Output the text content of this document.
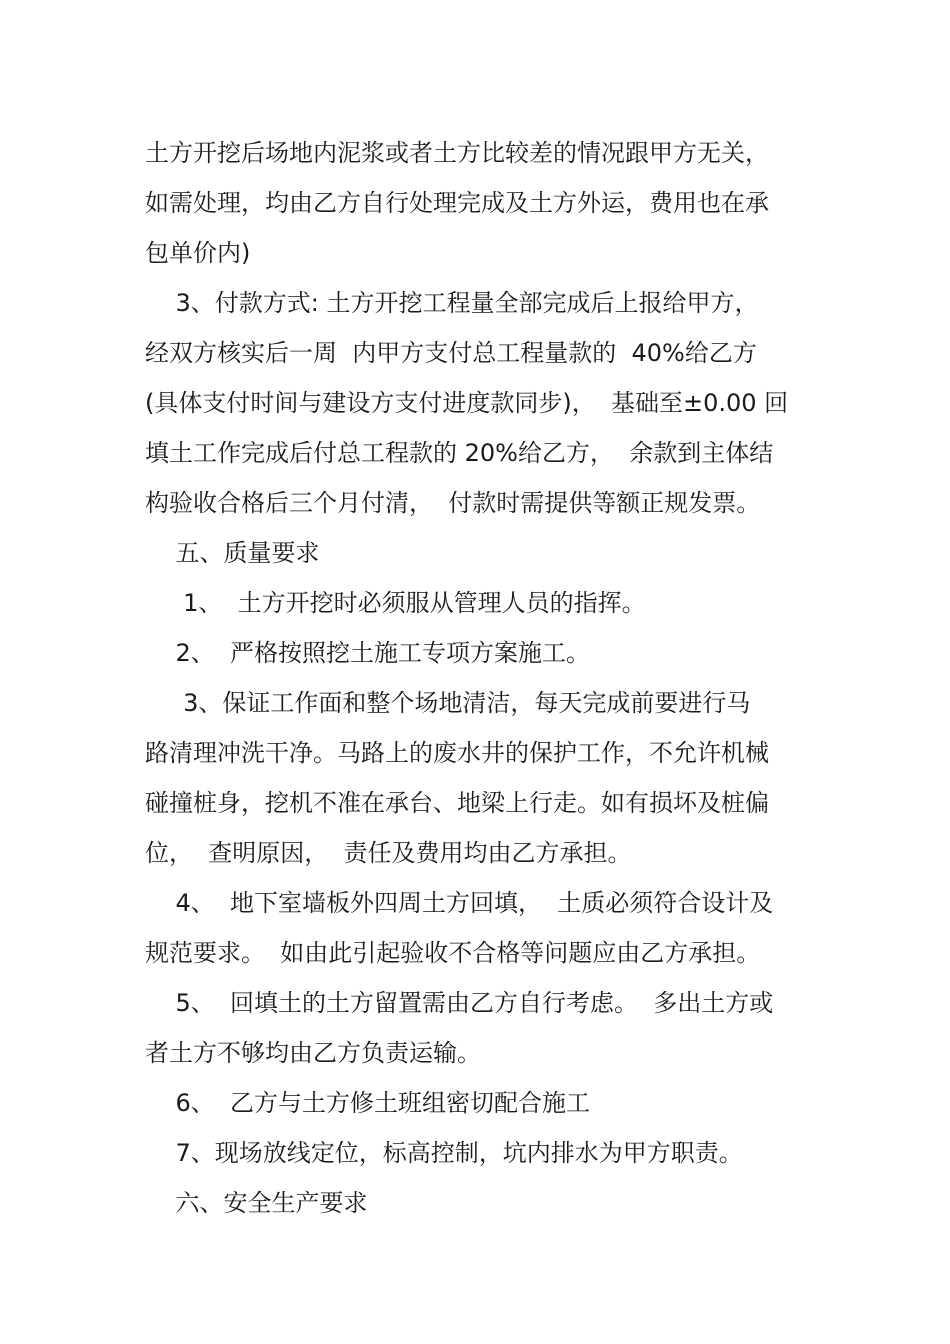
土方开挖后场地内泥浆或者土方比较差的情况跟甲方无关，
如需处理，均由乙方自行处理完成及土方外运，费用也在承
包单价内)
3、付款方式: 土方开挖工程量全部完成后上报给甲方，
经双方核实后一周  内甲方支付总工程量款的  40%给乙方
(具体支付时间与建设方支付进度款同步)，  基础至±0.00 回
填土工作完成后付总工程款的 20%给乙方，  余款到主体结
构验收合格后三个月付清，  付款时需提供等额正规发票。
五、质量要求
1、  土方开挖时必须服从管理人员的指挥。
2、  严格按照挖土施工专项方案施工。
3、保证工作面和整个场地清洁，每天完成前要进行马
路清理冲洗干净。马路上的废水井的保护工作，不允许机械
碰撞桩身，挖机不准在承台、地梁上行走。如有损坏及桩偏
位，  查明原因，  责任及费用均由乙方承担。
4、  地下室墙板外四周土方回填，  土质必须符合设计及
规范要求。  如由此引起验收不合格等问题应由乙方承担。
5、  回填土的土方留置需由乙方自行考虑。  多出土方或
者土方不够均由乙方负责运输。
6、  乙方与土方修土班组密切配合施工
7、现场放线定位，标高控制，坑内排水为甲方职责。
六、安全生产要求
